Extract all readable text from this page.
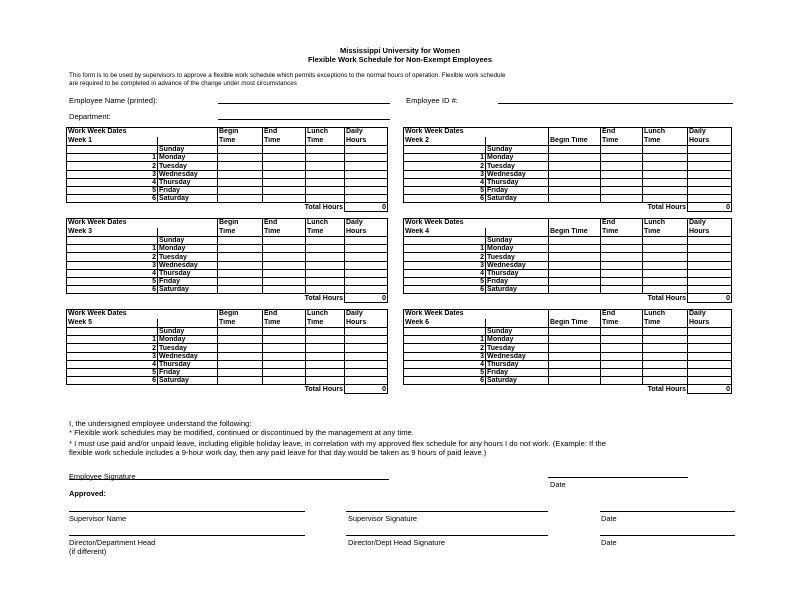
Mississippi University for Women
Flexible Work Schedule for Non-Exempt Employees
This form is to be used by supervisors to approve a flexible work schedule which permits exceptions to the normal hours of operation. Flexible work schedule
are required to be completed in advance of the change under most circumstances
Employee Name (printed):	Employee ID #:
Department:
Work Week Dates		Begin	End	Lunch	Daily
Week 1		Time	Time	Time	Hours
	Sunday				
1	Monday				
2	Tuesday				
3	Wednesday				
4	Thursday				
5	Friday				
6	Saturday				
			Total Hours		0
Work Week Dates			End	Lunch	Daily
Week 2		Begin Time	Time	Time	Hours
	Sunday				
1	Monday				
2	Tuesday				
3	Wednesday				
4	Thursday				
5	Friday				
6	Saturday				
			Total Hours		0
Work Week Dates		Begin	End	Lunch	Daily
Week 3		Time	Time	Time	Hours
	Sunday				
1	Monday				
2	Tuesday				
3	Wednesday				
4	Thursday				
5	Friday				
6	Saturday				
			Total Hours		0
Work Week Dates			End	Lunch	Daily
Week 4		Begin Time	Time	Time	Hours
	Sunday				
1	Monday				
2	Tuesday				
3	Wednesday				
4	Thursday				
5	Friday				
6	Saturday				
			Total Hours		0
Work Week Dates		Begin	End	Lunch	Daily
Week 5		Time	Time	Time	Hours
	Sunday				
1	Monday				
2	Tuesday				
3	Wednesday				
4	Thursday				
5	Friday				
6	Saturday				
			Total Hours		0
Work Week Dates			End	Lunch	Daily
Week 6		Begin Time	Time	Time	Hours
	Sunday				
1	Monday				
2	Tuesday				
3	Wednesday				
4	Thursday				
5	Friday				
6	Saturday				
			Total Hours		0
I, the undersigned employee understand the following:
* Flexible work schedules may be modified, continued or discontinued by the management at any time.
* I must use paid and/or unpaid leave, including eligible holiday leave, in correlation with my approved flex schedule for any hours I do not work. (Example: If the
flexible work schedule includes a 9-hour work day, then any paid leave for that day would be taken as 9 hours of paid leave.)
Employee Signature
Date
Approved:
Supervisor Name	Supervisor Signature	Date
Director/Department Head
(if different)
Director/Dept Head Signature	Date
